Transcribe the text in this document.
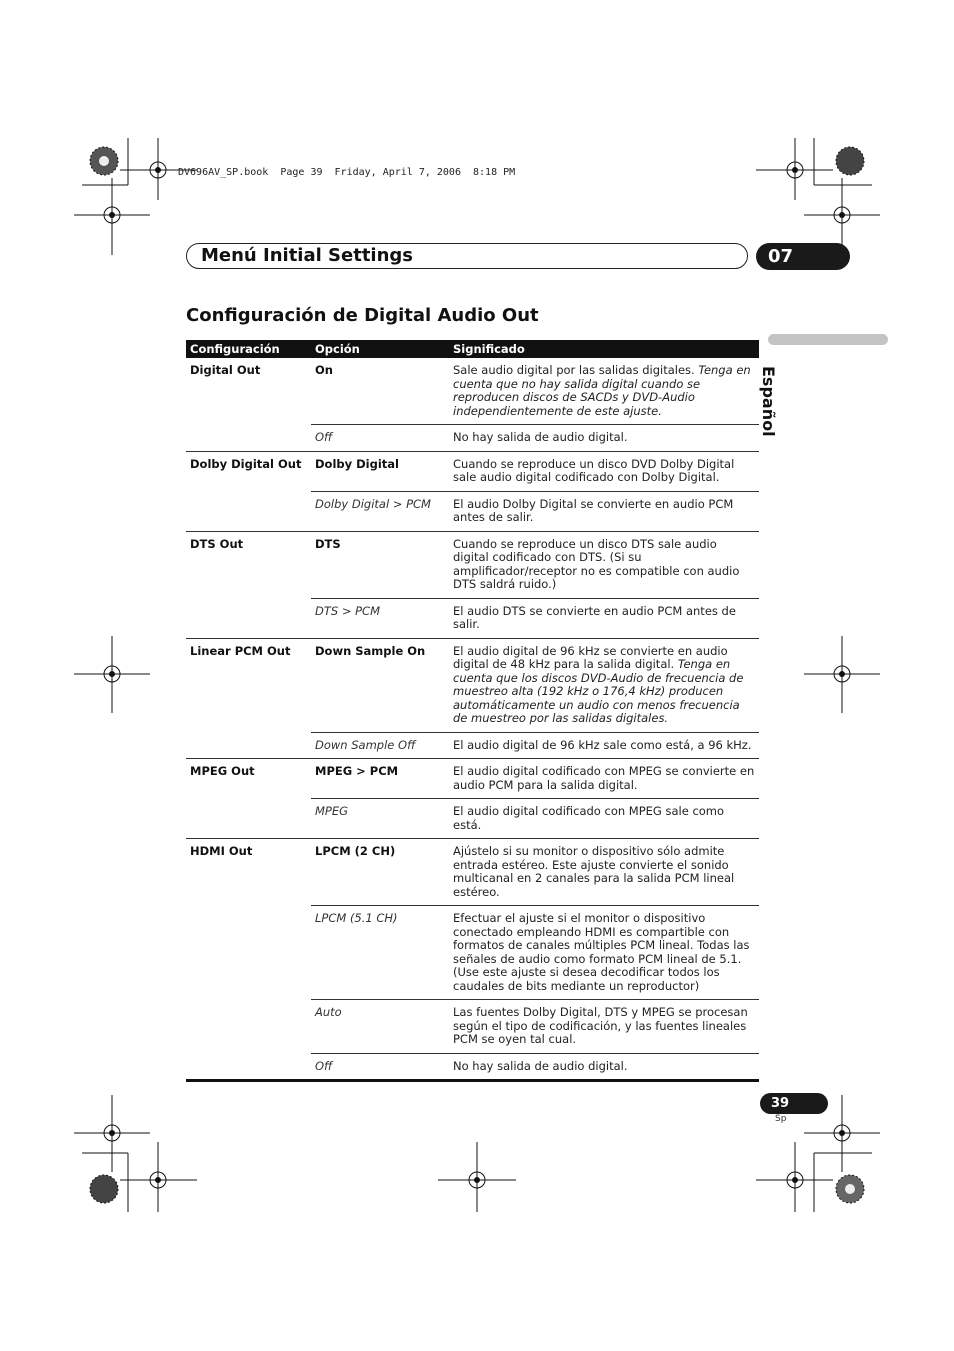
DV696AV_SP.book  Page 39  Friday, April 7, 2006  8:18 PM
Menú Initial Settings	07
Español
Configuración de Digital Audio Out
Configuración	Opción	Significado
Digital Out	On	Sale audio digital por las salidas digitales. Tenga en cuenta que no hay salida digital cuando se reproducen discos de SACDs y DVD-Audio independientemente de este ajuste.
	Off	No hay salida de audio digital.
Dolby Digital Out	Dolby Digital	Cuando se reproduce un disco DVD Dolby Digital sale audio digital codificado con Dolby Digital.
	Dolby Digital > PCM	El audio Dolby Digital se convierte en audio PCM antes de salir.
DTS Out	DTS	Cuando se reproduce un disco DTS sale audio digital codificado con DTS. (Si su amplificador/receptor no es compatible con audio DTS saldrá ruido.)
	DTS > PCM	El audio DTS se convierte en audio PCM antes de salir.
Linear PCM Out	Down Sample On	El audio digital de 96 kHz se convierte en audio digital de 48 kHz para la salida digital. Tenga en cuenta que los discos DVD-Audio de frecuencia de muestreo alta (192 kHz o 176,4 kHz) producen automáticamente un audio con menos frecuencia de muestreo por las salidas digitales.
	Down Sample Off	El audio digital de 96 kHz sale como está, a 96 kHz.
MPEG Out	MPEG > PCM	El audio digital codificado con MPEG se convierte en audio PCM para la salida digital.
	MPEG	El audio digital codificado con MPEG sale como está.
HDMI Out	LPCM (2 CH)	Ajústelo si su monitor o dispositivo sólo admite entrada estéreo. Este ajuste convierte el sonido multicanal en 2 canales para la salida PCM lineal estéreo.
	LPCM (5.1 CH)	Efectuar el ajuste si el monitor o dispositivo conectado empleando HDMI es compartible con formatos de canales múltiples PCM lineal. Todas las señales de audio como formato PCM lineal de 5.1. (Use este ajuste si desea decodificar todos los caudales de bits mediante un reproductor)
	Auto	Las fuentes Dolby Digital, DTS y MPEG se procesan según el tipo de codificación, y las fuentes lineales PCM se oyen tal cual.
	Off	No hay salida de audio digital.
39
Sp
